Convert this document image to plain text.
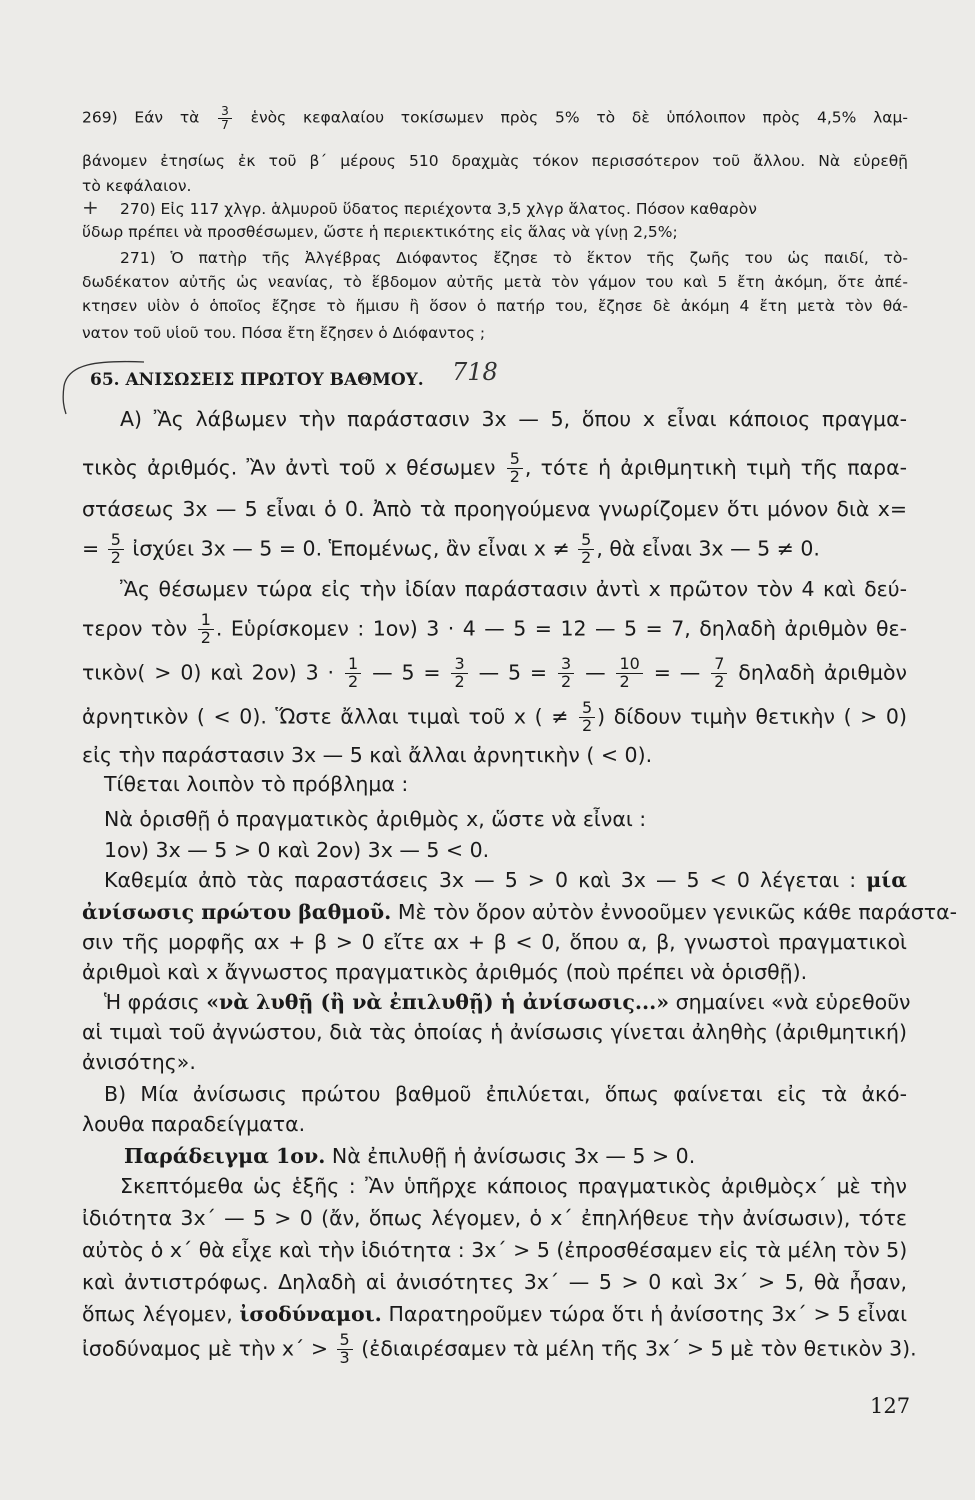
269) Εάν τὰ $\frac{3}{7}$ ἑνὸς κεφαλαίου τοκίσωμεν πρὸς 5% τὸ δὲ ὑπόλοιπον πρὸς 4,5% λαμ-
βάνομεν ἐτησίως ἐκ τοῦ β΄ μέρους 510 δραχμὰς τόκον περισσότερον τοῦ ἄλλου. Νὰ εὑρεθῇ
τὸ κεφάλαιον.
270) Εἰς 117 χλγρ. ἁλμυροῦ ὕδατος περιέχοντα 3,5 χλγρ ἅλατος. Πόσον καθαρὸν
ὕδωρ πρέπει νὰ προσθέσωμεν, ὥστε ἡ περιεκτικότης εἰς ἅλας νὰ γίνῃ 2,5%;
271) Ὁ πατὴρ τῆς Ἀλγέβρας Διόφαντος ἔζησε τὸ ἕκτον τῆς ζωῆς του ὡς παιδί, τὸ-
δωδέκατον αὐτῆς ὡς νεανίας, τὸ ἕβδομον αὐτῆς μετὰ τὸν γάμον του καὶ 5 ἔτη ἀκόμη, ὅτε ἀπέ-
κτησεν υἱὸν ὁ ὁποῖος ἔζησε τὸ ἥμισυ ἢ ὅσον ὁ πατήρ του, ἔζησε δὲ ἀκόμη 4 ἔτη μετὰ τὸν θά-
νατον τοῦ υἱοῦ του. Πόσα ἔτη ἔζησεν ὁ Διόφαντος ;
+
718
65. ΑΝΙΣΩΣΕΙΣ ΠΡΩΤΟΥ ΒΑΘΜΟΥ.
Α) Ἂς λάβωμεν τὴν παράστασιν 3x — 5, ὅπου x εἶναι κάποιος πραγμα-
τικὸς ἀριθμός. Ἂν ἀντὶ τοῦ x θέσωμεν $\frac{5}{2}$ , τότε ἡ ἀριθμητικὴ τιμὴ τῆς παρα-
στάσεως 3x — 5 εἶναι ὁ 0. Ἀπὸ τὰ προηγούμενα γνωρίζομεν ὅτι μόνον διὰ x=
= $\frac{5}{2}$ ἰσχύει 3x — 5 = 0. Ἑπομένως, ἂν εἶναι $x \ne \frac{5}{2}$ , θὰ εἶναι 3x — 5 ≠ 0.
Ἂς θέσωμεν τώρα εἰς τὴν ἰδίαν παράστασιν ἀντὶ x πρῶτον τὸν 4 καὶ δεύ-
τερον τὸν $\frac{1}{2}$ . Εὑρίσκομεν : 1ον) 3 · 4 — 5 = 12 — 5 = 7, δηλαδὴ ἀριθμὸν θε-
τικὸν( > 0) καὶ 2ον) $3 \cdot \frac{1}{2}$ — $5 = \frac{3}{2}$ — $5 = \frac{3}{2}$ — $\frac{10}{2}$ = — $\frac{7}{2}$ δηλαδὴ ἀριθμὸν
ἀρνητικὸν ( < 0). Ὥστε ἄλλαι τιμαὶ τοῦ x ( ≠ $\frac{5}{2}$ ) δίδουν τιμὴν θετικὴν ( > 0)
εἰς τὴν παράστασιν 3x — 5 καὶ ἄλλαι ἀρνητικὴν ( < 0).
Τίθεται λοιπὸν τὸ πρόβλημα :
Νὰ ὁρισθῇ ὁ πραγματικὸς ἀριθμὸς x, ὥστε νὰ εἶναι :
1ον) 3x — 5 > 0 καὶ 2ον) 3x — 5 < 0.
Καθεμία ἀπὸ τὰς παραστάσεις 3x — 5 > 0 καὶ 3x — 5 < 0 λέγεται : μία
ἀνίσωσις πρώτου βαθμοῦ. Μὲ τὸν ὅρον αὐτὸν ἐννοοῦμεν γενικῶς κάθε παράστα-
σιν τῆς μορφῆς αx + β > 0 εἴτε αx + β < 0, ὅπου α, β, γνωστοὶ πραγματικοὶ
ἀριθμοὶ καὶ x ἄγνωστος πραγματικὸς ἀριθμός (ποὺ πρέπει νὰ ὁρισθῇ).
Ἡ φράσις «νὰ λυθῇ (ἢ νὰ ἐπιλυθῇ) ἡ ἀνίσωσις...» σημαίνει «νὰ εὑρεθοῦν
αἱ τιμαὶ τοῦ ἀγνώστου, διὰ τὰς ὁποίας ἡ ἀνίσωσις γίνεται ἀληθὴς (ἀριθμητική)
ἀνισότης».
Β) Μία ἀνίσωσις πρώτου βαθμοῦ ἐπιλύεται, ὅπως φαίνεται εἰς τὰ ἀκό-
λουθα παραδείγματα.
Παράδειγμα 1ον. Νὰ ἐπιλυθῇ ἡ ἀνίσωσις 3x — 5 > 0.
Σκεπτόμεθα ὡς ἑξῆς : Ἂν ὑπῆρχε κάποιος πραγματικὸς ἀριθμὸςx΄ μὲ τὴν
ἰδιότητα 3x΄ — 5 > 0 (ἄν, ὅπως λέγομεν, ὁ x΄ ἐπηλήθευε τὴν ἀνίσωσιν), τότε
αὐτὸς ὁ x΄ θὰ εἶχε καὶ τὴν ἰδιότητα : 3x΄ > 5 (ἐπροσθέσαμεν εἰς τὰ μέλη τὸν 5)
καὶ ἀντιστρόφως. Δηλαδὴ αἱ ἀνισότητες 3x΄ — 5 > 0 καὶ 3x΄ > 5, θὰ ἦσαν,
ὅπως λέγομεν, ἰσοδύναμοι. Παρατηροῦμεν τώρα ὅτι ἡ ἀνίσοτης 3x΄ > 5 εἶναι
ἰσοδύναμος μὲ τὴν $x΄ > \frac{5}{3}$ (ἐδιαιρέσαμεν τὰ μέλη τῆς 3x΄ > 5 μὲ τὸν θετικὸν 3).
127
